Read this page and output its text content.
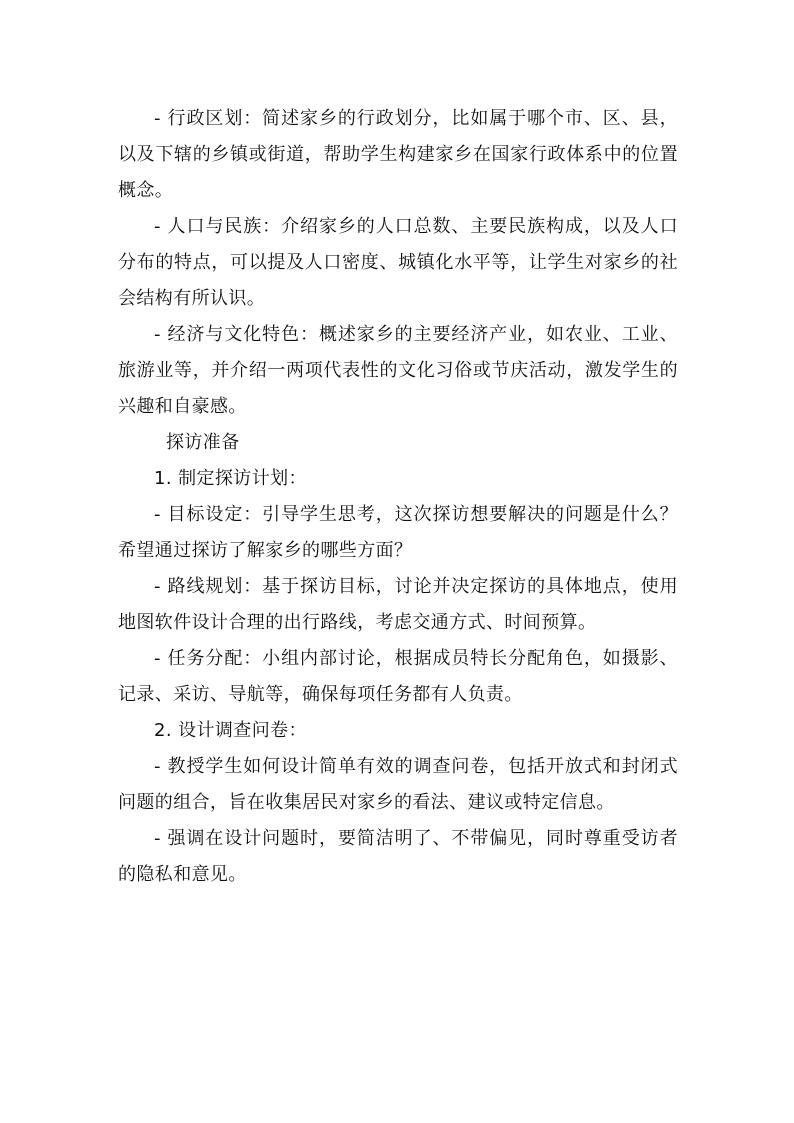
- 行政区划：简述家乡的行政划分，比如属于哪个市、区、县，以及下辖的乡镇或街道，帮助学生构建家乡在国家行政体系中的位置概念。

- 人口与民族：介绍家乡的人口总数、主要民族构成，以及人口分布的特点，可以提及人口密度、城镇化水平等，让学生对家乡的社会结构有所认识。

- 经济与文化特色：概述家乡的主要经济产业，如农业、工业、旅游业等，并介绍一两项代表性的文化习俗或节庆活动，激发学生的兴趣和自豪感。

探访准备

1. 制定探访计划：

- 目标设定：引导学生思考，这次探访想要解决的问题是什么？希望通过探访了解家乡的哪些方面？

- 路线规划：基于探访目标，讨论并决定探访的具体地点，使用地图软件设计合理的出行路线，考虑交通方式、时间预算。

- 任务分配：小组内部讨论，根据成员特长分配角色，如摄影、记录、采访、导航等，确保每项任务都有人负责。

2. 设计调查问卷：

- 教授学生如何设计简单有效的调查问卷，包括开放式和封闭式问题的组合，旨在收集居民对家乡的看法、建议或特定信息。

- 强调在设计问题时，要简洁明了、不带偏见，同时尊重受访者的隐私和意见。
